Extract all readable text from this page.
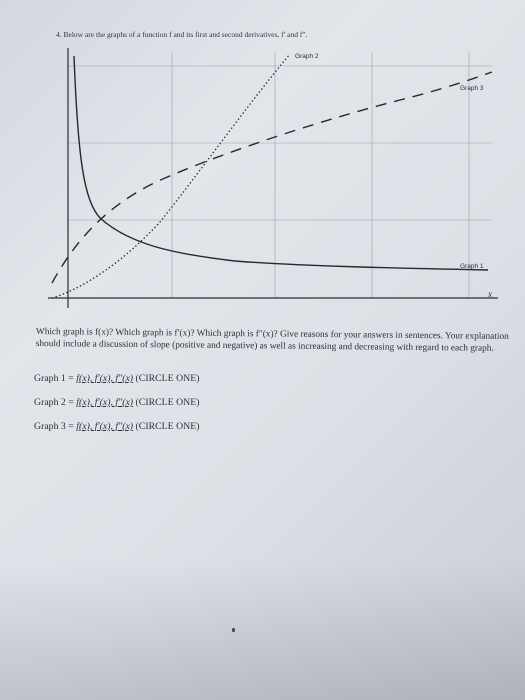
4. Below are the graphs of a function f and its first and second derivatives, f′ and f″.
Graph 2
Graph 3
Graph 1
x
Which graph is f(x)? Which graph is f′(x)? Which graph is f″(x)? Give reasons for your answers in sentences. Your explanation should include a discussion of slope (positive and negative) as well as increasing and decreasing with regard to each graph.
Graph 1 = f(x), f′(x), f″(x) (CIRCLE ONE)
Graph 2 = f(x), f′(x), f″(x) (CIRCLE ONE)
Graph 3 = f(x), f′(x), f″(x) (CIRCLE ONE)
